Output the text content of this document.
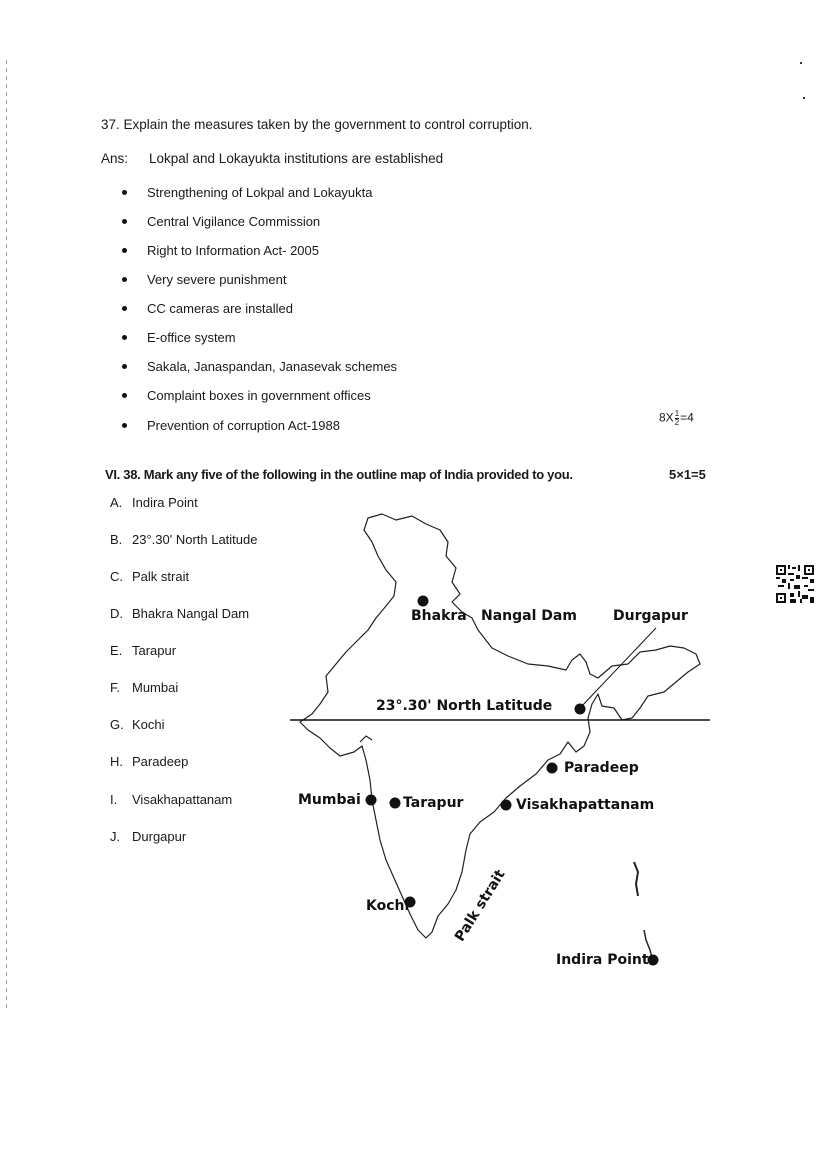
37. Explain the measures taken by the government to control corruption.
Ans: Lokpal and Lokayukta institutions are established
Strengthening of Lokpal and Lokayukta
Central Vigilance Commission
Right to Information Act- 2005
Very severe punishment
CC cameras are installed
E-office system
Sakala, Janaspandan, Janasevak schemes
Complaint boxes in government offices
Prevention of corruption Act-1988
$8X \frac{1}{2} =4$
VI. 38. Mark any five of the following in the outline map of India provided to you.	5×1=5
A. Indira Point
B. 23°.30' North Latitude
C. Palk strait
D. Bhakra Nangal Dam
E. Tarapur
F. Mumbai
G. Kochi
H. Paradeep
I. Visakhapattanam
J. Durgapur
Bhakra Nangal Dam	Durgapur
23°.30' North Latitude
Paradeep
Mumbai	Tarapur	Visakhapattanam
Kochi	Palk strait
Indira Point
